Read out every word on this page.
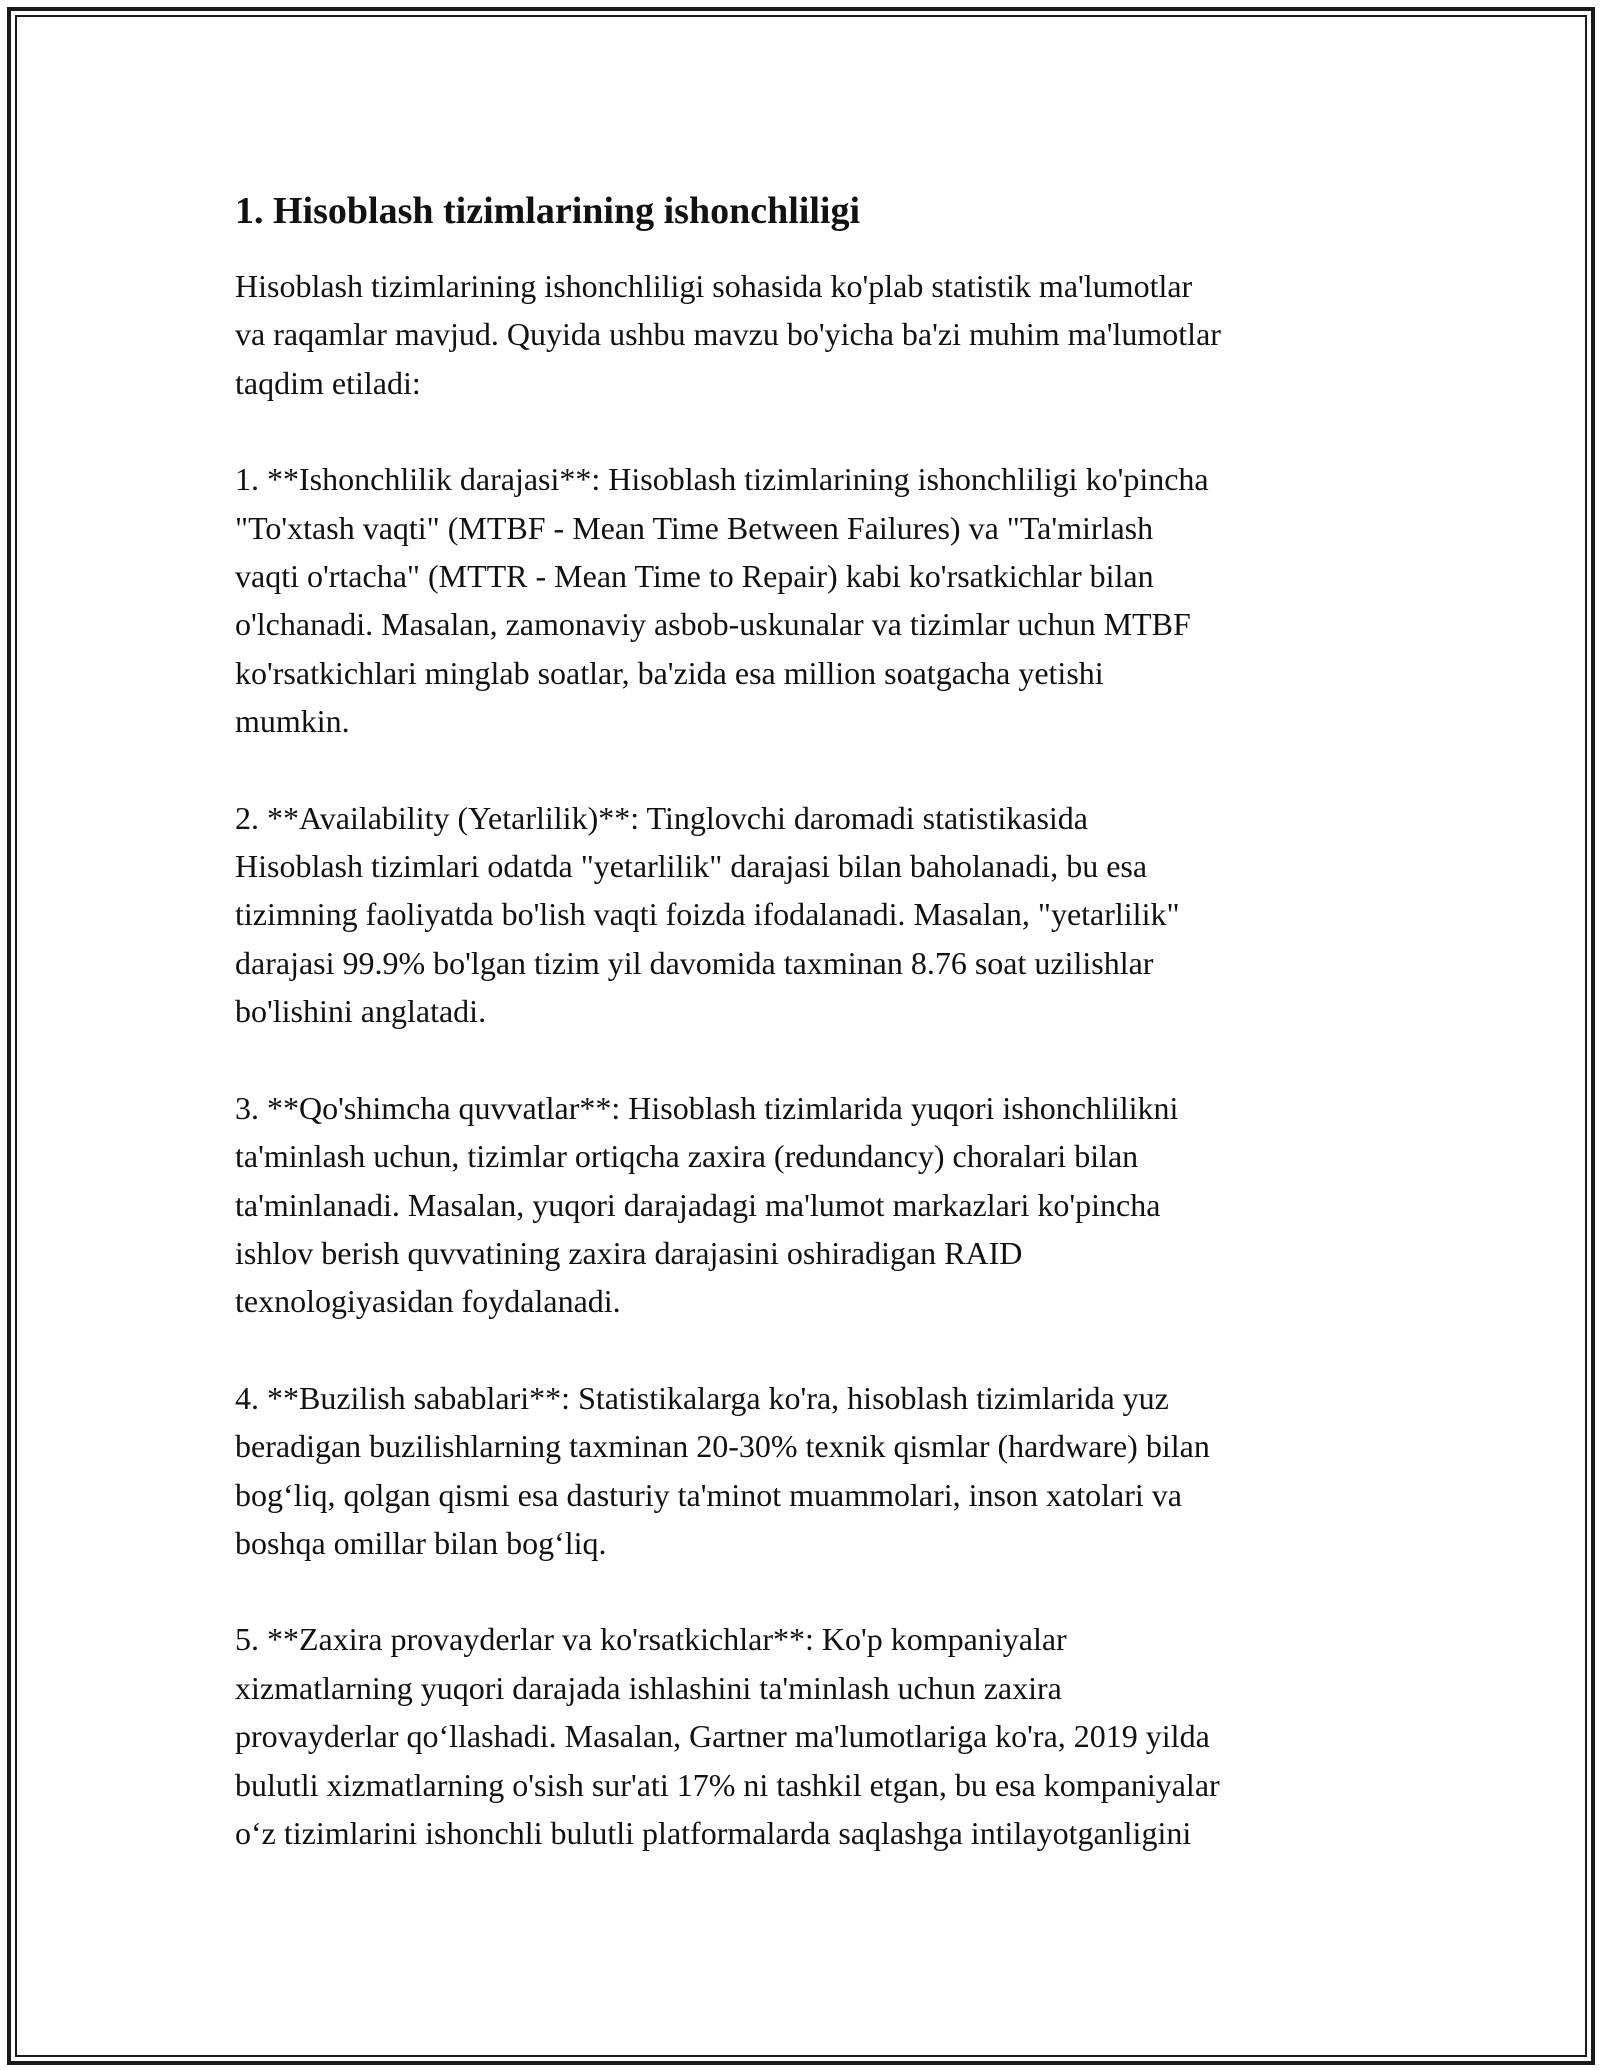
1. Hisoblash tizimlarining ishonchliligi

Hisoblash tizimlarining ishonchliligi sohasida ko'plab statistik ma'lumotlar
va raqamlar mavjud. Quyida ushbu mavzu bo'yicha ba'zi muhim ma'lumotlar
taqdim etiladi:

1. **Ishonchlilik darajasi**: Hisoblash tizimlarining ishonchliligi ko'pincha
"To'xtash vaqti" (MTBF - Mean Time Between Failures) va "Ta'mirlash
vaqti o'rtacha" (MTTR - Mean Time to Repair) kabi ko'rsatkichlar bilan
o'lchanadi. Masalan, zamonaviy asbob-uskunalar va tizimlar uchun MTBF
ko'rsatkichlari minglab soatlar, ba'zida esa million soatgacha yetishi
mumkin.

2. **Availability (Yetarlilik)**: Tinglovchi daromadi statistikasida
Hisoblash tizimlari odatda "yetarlilik" darajasi bilan baholanadi, bu esa
tizimning faoliyatda bo'lish vaqti foizda ifodalanadi. Masalan, "yetarlilik"
darajasi 99.9% bo'lgan tizim yil davomida taxminan 8.76 soat uzilishlar
bo'lishini anglatadi.

3. **Qo'shimcha quvvatlar**: Hisoblash tizimlarida yuqori ishonchlilikni
ta'minlash uchun, tizimlar ortiqcha zaxira (redundancy) choralari bilan
ta'minlanadi. Masalan, yuqori darajadagi ma'lumot markazlari ko'pincha
ishlov berish quvvatining zaxira darajasini oshiradigan RAID
texnologiyasidan foydalanadi.

4. **Buzilish sabablari**: Statistikalarga ko'ra, hisoblash tizimlarida yuz
beradigan buzilishlarning taxminan 20-30% texnik qismlar (hardware) bilan
bog‘liq, qolgan qismi esa dasturiy ta'minot muammolari, inson xatolari va
boshqa omillar bilan bog‘liq.

5. **Zaxira provayderlar va ko'rsatkichlar**: Ko'p kompaniyalar
xizmatlarning yuqori darajada ishlashini ta'minlash uchun zaxira
provayderlar qo‘llashadi. Masalan, Gartner ma'lumotlariga ko'ra, 2019 yilda
bulutli xizmatlarning o'sish sur'ati 17% ni tashkil etgan, bu esa kompaniyalar
o‘z tizimlarini ishonchli bulutli platformalarda saqlashga intilayotganligini
